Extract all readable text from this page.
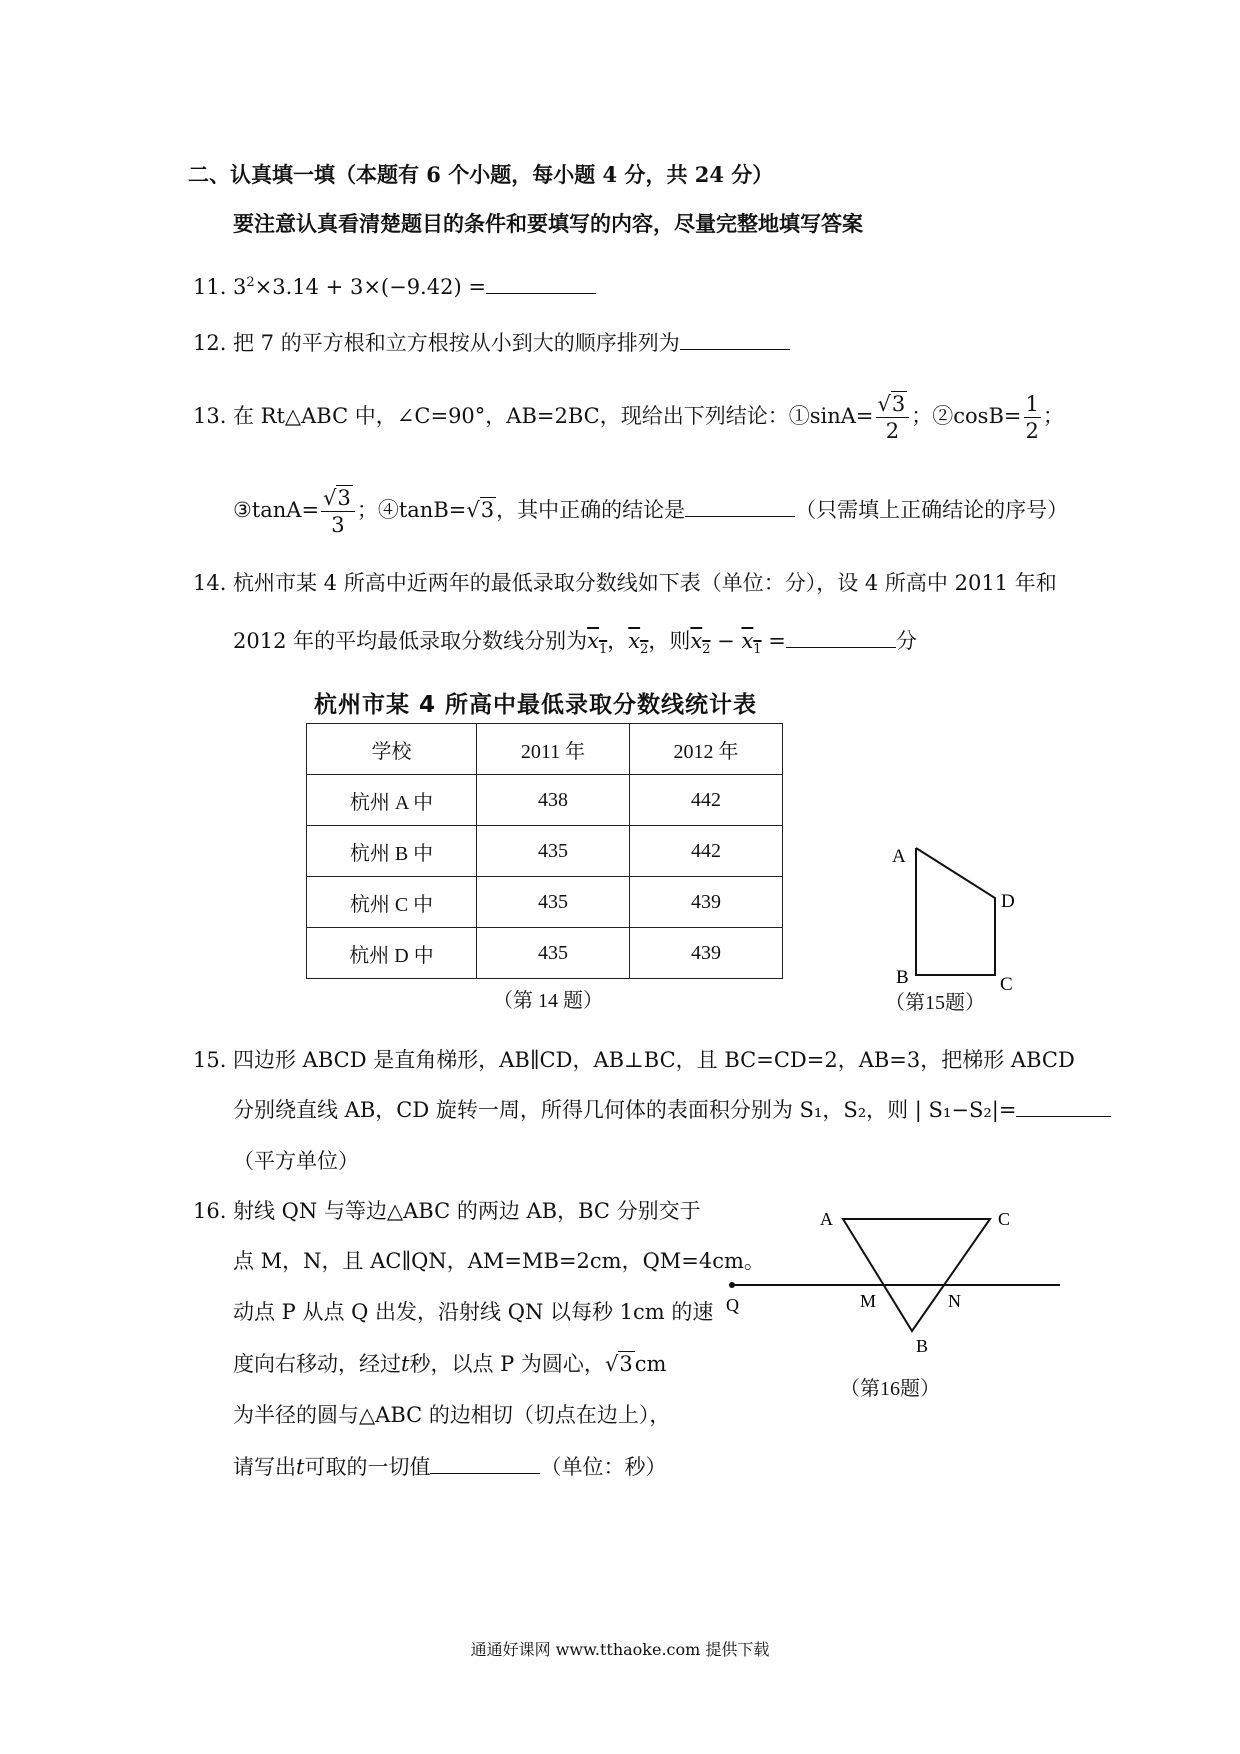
二、认真填一填（本题有 6 个小题，每小题 4 分，共 24 分）
要注意认真看清楚题目的条件和要填写的内容，尽量完整地填写答案
11. $3^2\times 3.14 + 3\times(-9.42)$ =
12. 把 7 的平方根和立方根按从小到大的顺序排列为
13. 在 Rt△ABC 中，∠C=90°，AB=2BC，现给出下列结论：①sinA= $\frac{√3}{2}$ ；②cosB= $\frac{1}{2}$ ；
③tanA= $\frac{√3}{3}$ ；④tanB=√3，其中正确的结论是	（只需填上正确结论的序号）
14. 杭州市某 4 所高中近两年的最低录取分数线如下表（单位：分），设 4 所高中 2011 年和
2012 年的平均最低录取分数线分别为$x_1$，$x_2$，则$x_2 - x_1$ =	分
杭州市某 4 所高中最低录取分数线统计表
学校	2011 年	2012 年
杭州 A 中	438	442
杭州 B 中	435	442
杭州 C 中	435	439
杭州 D 中	435	439
（第 14 题）
A
D
B	C
（第15题）
15. 四边形 ABCD 是直角梯形，AB∥CD，AB⊥BC，且 BC=CD=2，AB=3，把梯形 ABCD
分别绕直线 AB，CD 旋转一周，所得几何体的表面积分别为 S₁，S₂，则 | S₁−S₂|=
（平方单位）
16. 射线 QN 与等边△ABC 的两边 AB，BC 分别交于
点 M，N，且 AC∥QN，AM=MB=2cm，QM=4cm。
动点 P 从点 Q 出发，沿射线 QN 以每秒 1cm 的速
度向右移动，经过t秒，以点 P 为圆心，√3cm
为半径的圆与△ABC 的边相切（切点在边上），
请写出t可取的一切值	（单位：秒）
A	C
Q	M	N
B
（第16题）
通通好课网 www.tthaoke.com 提供下载
